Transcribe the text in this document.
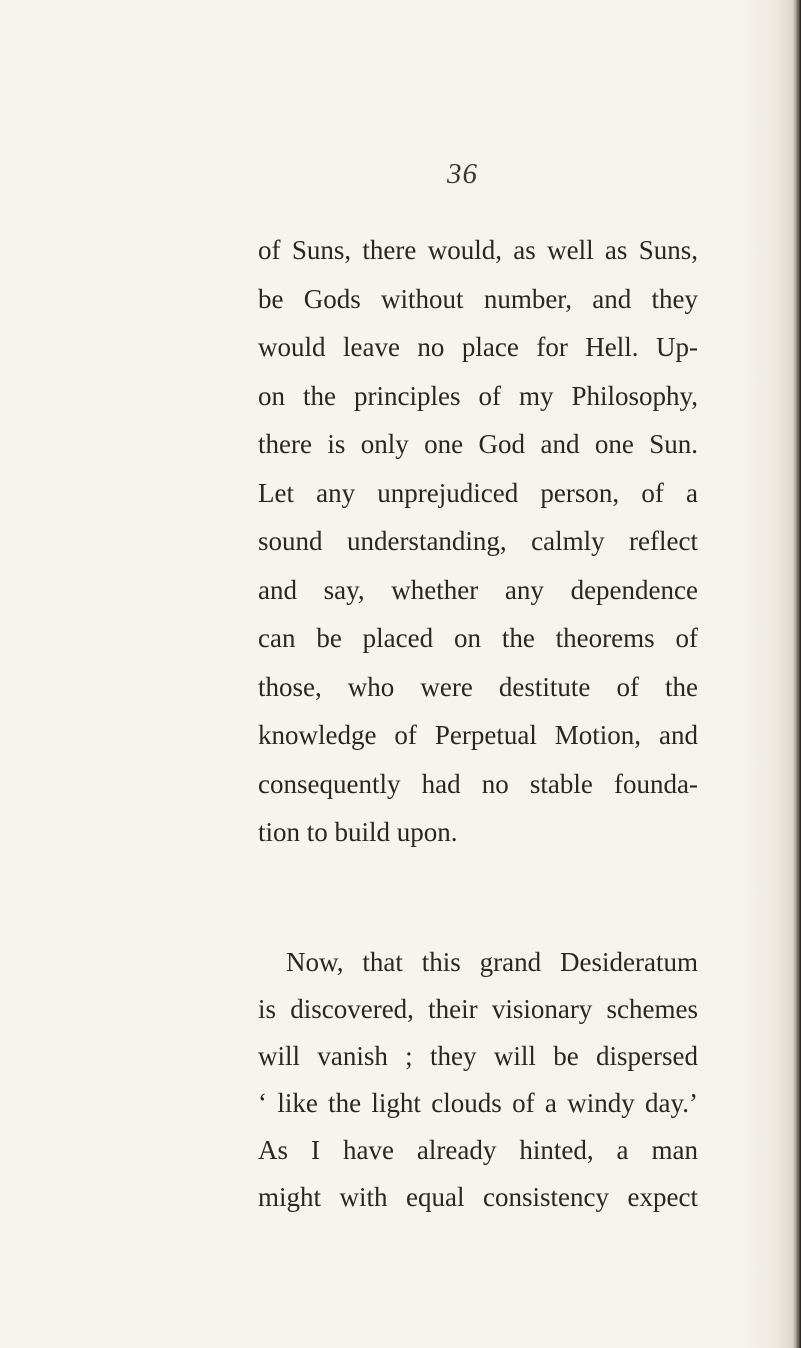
36
of Suns, there would, as well as Suns,
be Gods without number, and they
would leave no place for Hell. Up-
on the principles of my Philosophy,
there is only one God and one Sun.
Let any unprejudiced person, of a
sound understanding, calmly reflect
and say, whether any dependence
can be placed on the theorems of
those, who were destitute of the
knowledge of Perpetual Motion, and
consequently had no stable founda-
tion to build upon.
Now, that this grand Desideratum
is discovered, their visionary schemes
will vanish ; they will be dispersed
‘ like the light clouds of a windy day.’
As I have already hinted, a man
might with equal consistency expect
